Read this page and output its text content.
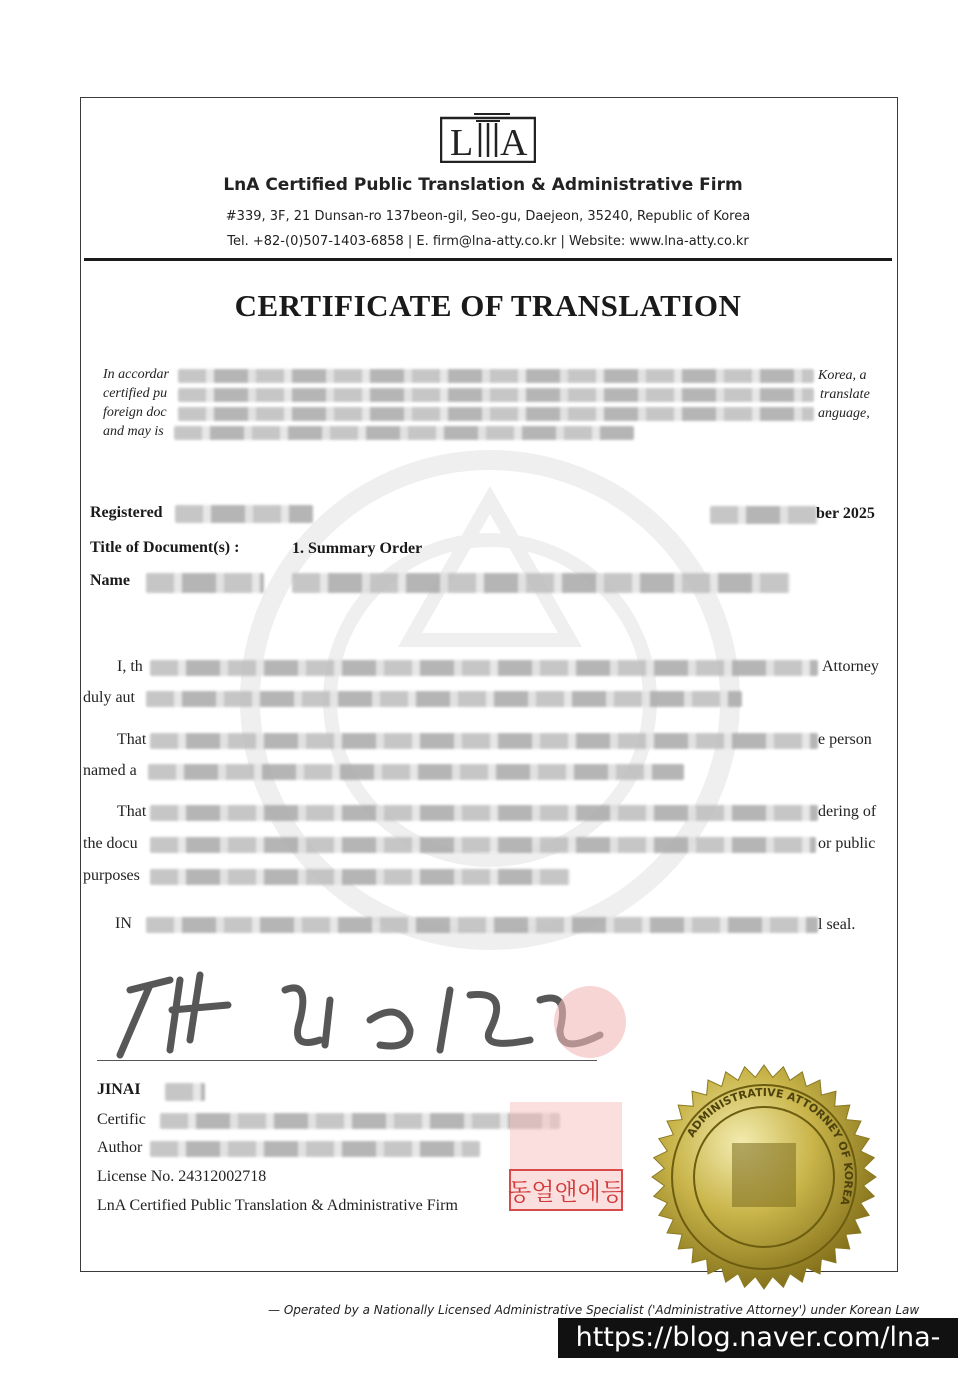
L A
LnA Certified Public Translation & Administrative Firm
#339, 3F, 21 Dunsan-ro 137beon-gil, Seo-gu, Daejeon, 35240, Republic of Korea
Tel. +82-(0)507-1403-6858 | E. firm@lna-atty.co.kr | Website: www.lna-atty.co.kr
CERTIFICATE OF TRANSLATION
In accordar	Korea, a
certified pu	translate
foreign doc	anguage,
and may is
Registered	ber 2025
Title of Document(s) :	1. Summary Order
Name
I, th	Attorney
duly aut
That	e person
named a
That	dering of
the docu	or public
purposes
IN	l seal.
JINAI
Certific
Author
License No. 24312002718
LnA Certified Public Translation & Administrative Firm 동얼앤에등
ADMINISTRATIVE ATTORNEY OF KOREA
— Operated by a Nationally Licensed Administrative Specialist ('Administrative Attorney') under Korean Law
https://blog.naver.com/lna-atty
